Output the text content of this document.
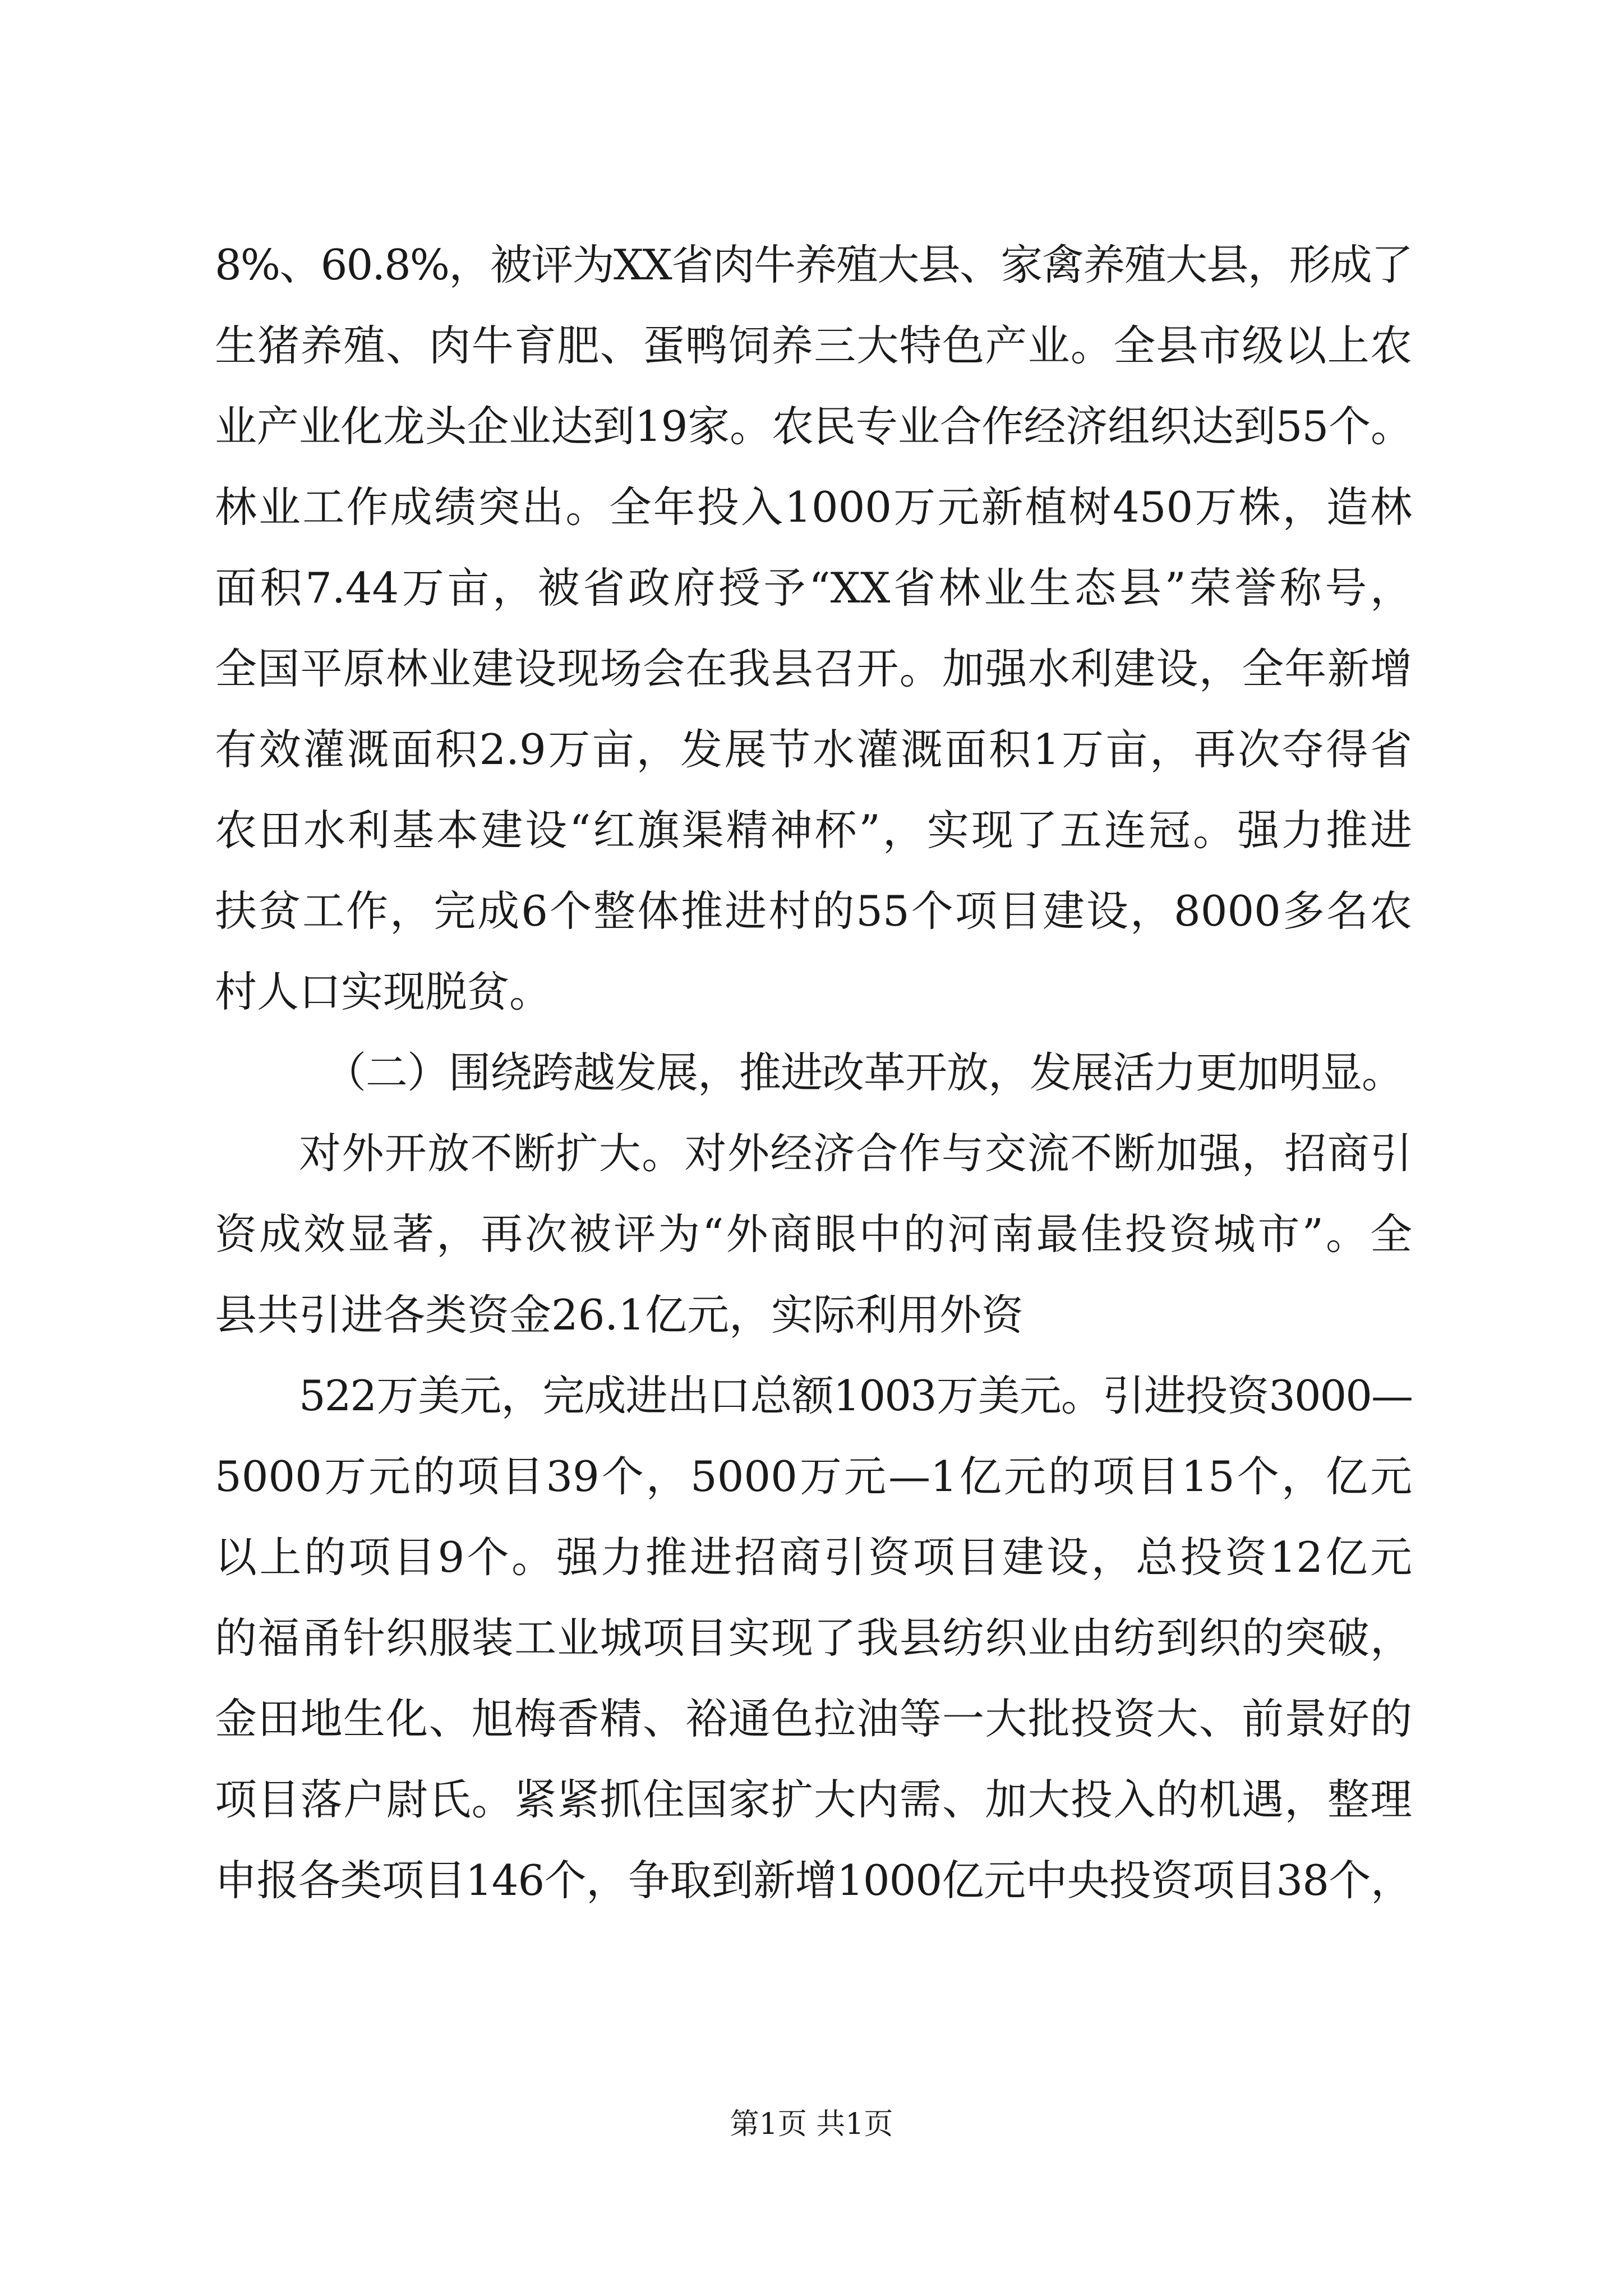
8%、60.8%，被评为XX省肉牛养殖大县、家禽养殖大县，形成了
生猪养殖、肉牛育肥、蛋鸭饲养三大特色产业。全县市级以上农
业产业化龙头企业达到19家。农民专业合作经济组织达到55个。
林业工作成绩突出。全年投入1000万元新植树450万株，造林
面积7.44万亩，被省政府授予“XX省林业生态县”荣誉称号，
全国平原林业建设现场会在我县召开。加强水利建设，全年新增
有效灌溉面积2.9万亩，发展节水灌溉面积1万亩，再次夺得省
农田水利基本建设“红旗渠精神杯”，实现了五连冠。强力推进
扶贫工作，完成6个整体推进村的55个项目建设，8000多名农
村人口实现脱贫。
（二）围绕跨越发展，推进改革开放，发展活力更加明显。
对外开放不断扩大。对外经济合作与交流不断加强，招商引
资成效显著，再次被评为“外商眼中的河南最佳投资城市”。全
县共引进各类资金26.1亿元，实际利用外资
522万美元，完成进出口总额1003万美元。引进投资3000—
5000万元的项目39个，5000万元—1亿元的项目15个，亿元
以上的项目9个。强力推进招商引资项目建设，总投资12亿元
的福甬针织服装工业城项目实现了我县纺织业由纺到织的突破，
金田地生化、旭梅香精、裕通色拉油等一大批投资大、前景好的
项目落户尉氏。紧紧抓住国家扩大内需、加大投入的机遇，整理
申报各类项目146个，争取到新增1000亿元中央投资项目38个，
第1页 共1页
